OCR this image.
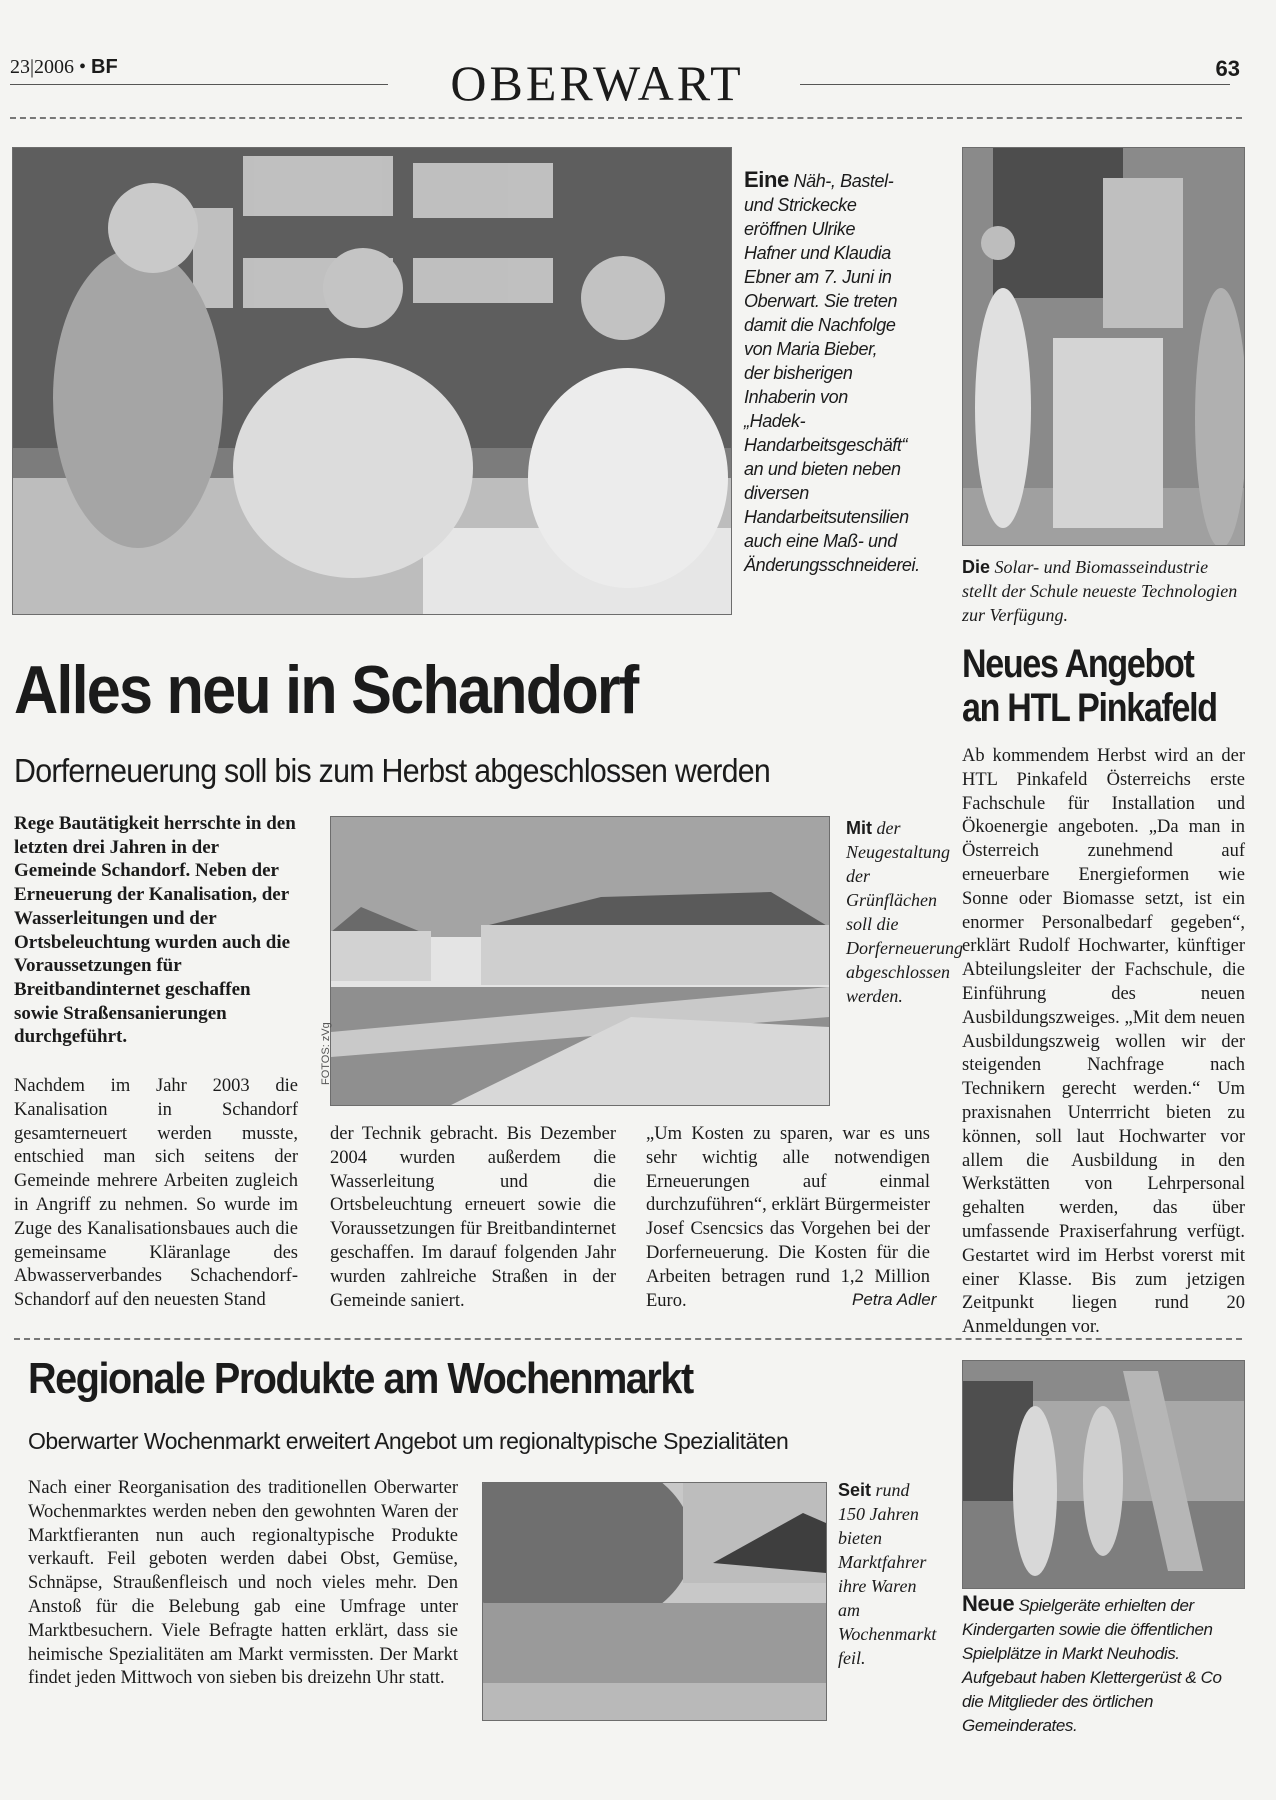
23|2006 • BF	OBERWART	63
Eine Näh-, Bastel- und Strickecke eröffnen Ulrike Hafner und Klaudia Ebner am 7. Juni in Oberwart. Sie treten damit die Nachfolge von Maria Bieber, der bisherigen Inhaberin von „Hadek-Handarbeitsgeschäft“ an und bieten neben diversen Handarbeitsutensilien auch eine Maß- und Änderungsschneiderei. Die Solar- und Biomasseindustrie stellt der Schule neueste Technologien zur Verfügung.
Alles neu in Schandorf
Dorferneuerung soll bis zum Herbst abgeschlossen werden
Rege Bautätigkeit herrschte in den letzten drei Jahren in der Gemeinde Schandorf. Neben der Erneuerung der Kanalisation, der Wasserleitungen und der Ortsbeleuchtung wurden auch die Voraussetzungen für Breitbandinternet geschaffen sowie Straßensanierungen durchgeführt.	FOTOS: zVg
Mit der Neugestaltung der Grünflächen soll die Dorferneuerung abgeschlossen werden.
Nachdem im Jahr 2003 die Kanalisation in Schandorf gesamterneuert werden musste, entschied man sich seitens der Gemeinde mehrere Arbeiten zugleich in Angriff zu nehmen. So wurde im Zuge des Kanalisationsbaues auch die gemeinsame Kläranlage des Abwasserverbandes Schachendorf-Schandorf auf den neuesten Stand
der Technik gebracht. Bis Dezember 2004 wurden außerdem die Wasserleitung und die Ortsbeleuchtung erneuert sowie die Voraussetzungen für Breitbandinternet geschaffen. Im darauf folgenden Jahr wurden zahlreiche Straßen in der Gemeinde saniert.
„Um Kosten zu sparen, war es uns sehr wichtig alle notwendigen Erneuerungen auf einmal durchzuführen“, erklärt Bürgermeister Josef Csencsics das Vorgehen bei der Dorferneuerung. Die Kosten für die Arbeiten betragen rund 1,2 Million Euro.	Petra Adler
Neues Angebot
an HTL Pinkafeld
Ab kommendem Herbst wird an der HTL Pinkafeld Österreichs erste Fachschule für Installation und Ökoenergie angeboten. „Da man in Österreich zunehmend auf erneuerbare Energieformen wie Sonne oder Biomasse setzt, ist ein enormer Personalbedarf gegeben“, erklärt Rudolf Hochwarter, künftiger Abteilungsleiter der Fachschule, die Einführung des neuen Ausbildungszweiges. „Mit dem neuen Ausbildungszweig wollen wir der steigenden Nachfrage nach Technikern gerecht werden.“ Um praxisnahen Unterrricht bieten zu können, soll laut Hochwarter vor allem die Ausbildung in den Werkstätten von Lehrpersonal gehalten werden, das über umfassende Praxiserfahrung verfügt. Gestartet wird im Herbst vorerst mit einer Klasse. Bis zum jetzigen Zeitpunkt liegen rund 20 Anmeldungen vor.
Regionale Produkte am Wochenmarkt
Oberwarter Wochenmarkt erweitert Angebot um regionaltypische Spezialitäten
Nach einer Reorganisation des traditionellen Oberwarter Wochenmarktes werden neben den gewohnten Waren der Marktfieranten nun auch regionaltypische Produkte verkauft. Feil geboten werden dabei Obst, Gemüse, Schnäpse, Straußenfleisch und noch vieles mehr. Den Anstoß für die Belebung gab eine Umfrage unter Marktbesuchern. Viele Befragte hatten erklärt, dass sie heimische Spezialitäten am Markt vermissten. Der Markt findet jeden Mittwoch von sieben bis dreizehn Uhr statt.
Seit rund 150 Jahren bieten Marktfahrer ihre Waren am Wochenmarkt feil.
Neue Spielgeräte erhielten der Kindergarten sowie die öffentlichen Spielplätze in Markt Neuhodis. Aufgebaut haben Klettergerüst & Co die Mitglieder des örtlichen Gemeinderates.
